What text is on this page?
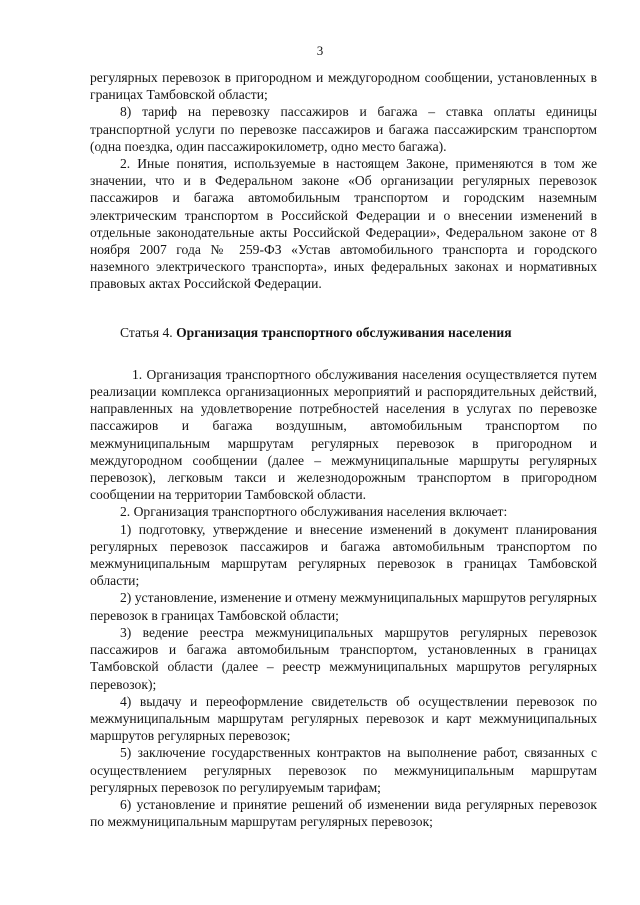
3

регулярных перевозок в пригородном и междугородном сообщении, установленных в границах Тамбовской области;

8) тариф на перевозку пассажиров и багажа – ставка оплаты единицы транспортной услуги по перевозке пассажиров и багажа пассажирским транспортом (одна поездка, один пассажирокилометр, одно место багажа).

2. Иные понятия, используемые в настоящем Законе, применяются в том же значении, что и в Федеральном законе «Об организации регулярных перевозок пассажиров и багажа автомобильным транспортом и городским наземным электрическим транспортом в Российской Федерации и о внесении изменений в отдельные законодательные акты Российской Федерации», Федеральном законе от 8 ноября 2007 года № 259-ФЗ «Устав автомобильного транспорта и городского наземного электрического транспорта», иных федеральных законах и нормативных правовых актах Российской Федерации.

Статья 4. Организация транспортного обслуживания населения

1. Организация транспортного обслуживания населения осуществляется путем реализации комплекса организационных мероприятий и распорядительных действий, направленных на удовлетворение потребностей населения в услугах по перевозке пассажиров и багажа воздушным, автомобильным транспортом по межмуниципальным маршрутам регулярных перевозок в пригородном и междугородном сообщении (далее – межмуниципальные маршруты регулярных перевозок), легковым такси и железнодорожным транспортом в пригородном сообщении на территории Тамбовской области.

2. Организация транспортного обслуживания населения включает:

1) подготовку, утверждение и внесение изменений в документ планирования регулярных перевозок пассажиров и багажа автомобильным транспортом по межмуниципальным маршрутам регулярных перевозок в границах Тамбовской области;

2) установление, изменение и отмену межмуниципальных маршрутов регулярных перевозок в границах Тамбовской области;

3) ведение реестра межмуниципальных маршрутов регулярных перевозок пассажиров и багажа автомобильным транспортом, установленных в границах Тамбовской области (далее – реестр межмуниципальных маршрутов регулярных перевозок);

4) выдачу и переоформление свидетельств об осуществлении перевозок по межмуниципальным маршрутам регулярных перевозок и карт межмуниципальных маршрутов регулярных перевозок;

5) заключение государственных контрактов на выполнение работ, связанных с осуществлением регулярных перевозок по межмуниципальным маршрутам регулярных перевозок по регулируемым тарифам;

6) установление и принятие решений об изменении вида регулярных перевозок по межмуниципальным маршрутам регулярных перевозок;
